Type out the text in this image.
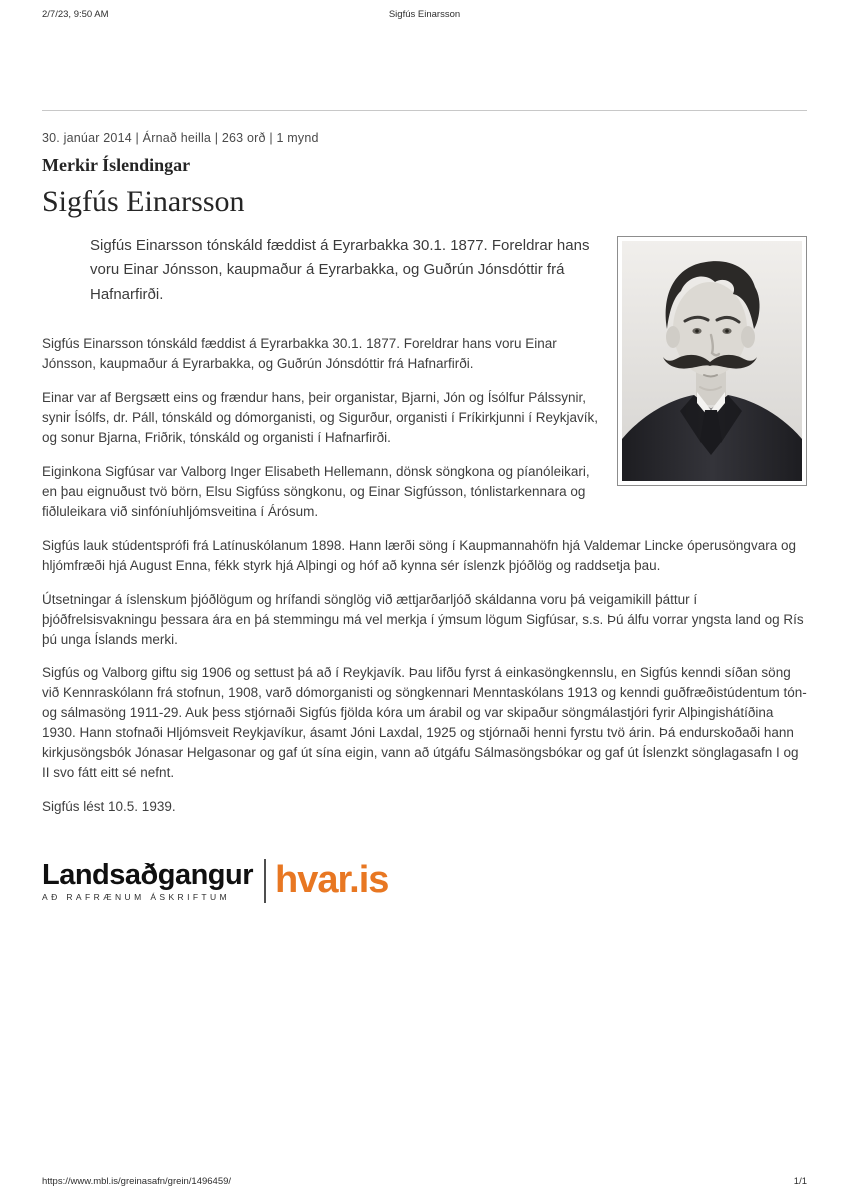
2/7/23, 9:50 AM	Sigfús Einarsson
30. janúar 2014 | Árnað heilla | 263 orð | 1 mynd
Merkir Íslendingar
Sigfús Einarsson

Sigfús Einarsson tónskáld fæddist á Eyrarbakka 30.1. 1877. Foreldrar hans voru Einar Jónsson, kaupmaður á Eyrarbakka, og Guðrún Jónsdóttir frá Hafnarfirði.

Sigfús Einarsson tónskáld fæddist á Eyrarbakka 30.1. 1877. Foreldrar hans voru Einar Jónsson, kaupmaður á Eyrarbakka, og Guðrún Jónsdóttir frá Hafnarfirði.

Einar var af Bergsætt eins og frændur hans, þeir organistar, Bjarni, Jón og Ísólfur Pálssynir, synir Ísólfs, dr. Páll, tónskáld og dómorganisti, og Sigurður, organisti í Fríkirkjunni í Reykjavík, og sonur Bjarna, Friðrik, tónskáld og organisti í Hafnarfirði.

Eiginkona Sigfúsar var Valborg Inger Elisabeth Hellemann, dönsk söngkona og píanóleikari, en þau eignuðust tvö börn, Elsu Sigfúss söngkonu, og Einar Sigfússon, tónlistarkennara og fiðluleikara við sinfóníuhljómsveitina í Árósum.

Sigfús lauk stúdentsprófi frá Latínuskólanum 1898. Hann lærði söng í Kaupmannahöfn hjá Valdemar Lincke óperusöngvara og hljómfræði hjá August Enna, fékk styrk hjá Alþingi og hóf að kynna sér íslenzk þjóðlög og raddsetja þau.

Útsetningar á íslenskum þjóðlögum og hrífandi sönglög við ættjarðarljóð skáldanna voru þá veigamikill þáttur í þjóðfrelsisvakningu þessara ára en þá stemmingu má vel merkja í ýmsum lögum Sigfúsar, s.s. Þú álfu vorrar yngsta land og Rís þú unga Íslands merki.

Sigfús og Valborg giftu sig 1906 og settust þá að í Reykjavík. Þau lifðu fyrst á einkasöngkennslu, en Sigfús kenndi síðan söng við Kennraskólann frá stofnun, 1908, varð dómorganisti og söngkennari Menntaskólans 1913 og kenndi guðfræðistúdentum tón- og sálmasöng 1911-29. Auk þess stjórnaði Sigfús fjölda kóra um árabil og var skipaður söngmálastjóri fyrir Alþingishátíðina 1930. Hann stofnaði Hljómsveit Reykjavíkur, ásamt Jóni Laxdal, 1925 og stjórnaði henni fyrstu tvö árin. Þá endurskoðaði hann kirkjusöngsbók Jónasar Helgasonar og gaf út sína eigin, vann að útgáfu Sálmasöngsbókar og gaf út Íslenzkt sönglagasafn I og II svo fátt eitt sé nefnt.

Sigfús lést 10.5. 1939.

Landsaðgangur
AÐ RAFRÆNUM ÁSKRIFTUM	hvar.is
https://www.mbl.is/greinasafn/grein/1496459/	1/1
